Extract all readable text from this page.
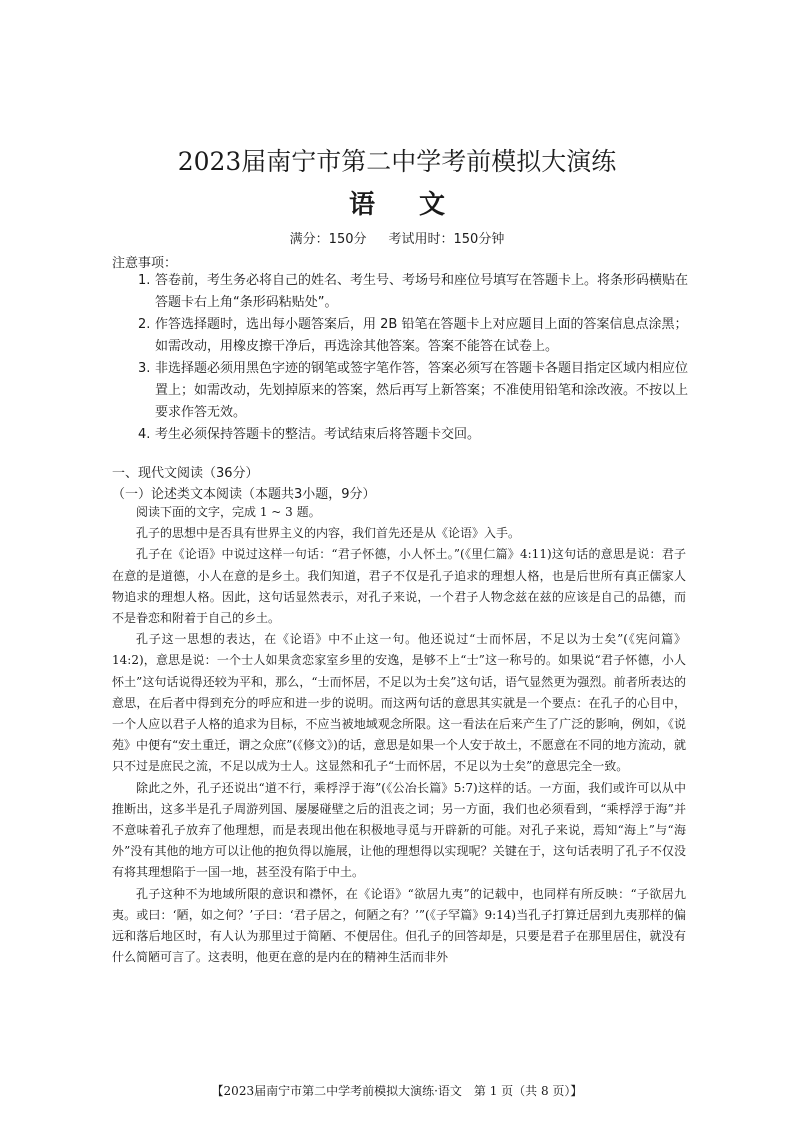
2023届南宁市第二中学考前模拟大演练
语文
满分：150分 考试用时：150分钟
注意事项：
1. 答卷前，考生务必将自己的姓名、考生号、考场号和座位号填写在答题卡上。将条形码横贴在答题卡右上角“条形码粘贴处”。
2. 作答选择题时，选出每小题答案后，用 2B 铅笔在答题卡上对应题目上面的答案信息点涂黑；如需改动，用橡皮擦干净后，再选涂其他答案。答案不能答在试卷上。
3. 非选择题必须用黑色字迹的钢笔或签字笔作答，答案必须写在答题卡各题目指定区域内相应位置上；如需改动，先划掉原来的答案，然后再写上新答案；不准使用铅笔和涂改液。不按以上要求作答无效。
4. 考生必须保持答题卡的整洁。考试结束后将答题卡交回。
一、现代文阅读（36分）
（一）论述类文本阅读（本题共3小题，9分）

阅读下面的文字，完成 1 ~ 3 题。

孔子的思想中是否具有世界主义的内容，我们首先还是从《论语》入手。

孔子在《论语》中说过这样一句话：“君子怀德，小人怀土。”(《里仁篇》4:11)这句话的意思是说：君子在意的是道德，小人在意的是乡土。我们知道，君子不仅是孔子追求的理想人格，也是后世所有真正儒家人物追求的理想人格。因此，这句话显然表示，对孔子来说，一个君子人物念兹在兹的应该是自己的品德，而不是眷恋和附着于自己的乡土。

孔子这一思想的表达，在《论语》中不止这一句。他还说过“士而怀居，不足以为士矣”(《宪问篇》14:2)，意思是说：一个士人如果贪恋家室乡里的安逸，是够不上“士”这一称号的。如果说“君子怀德，小人怀土”这句话说得还较为平和，那么，“士而怀居，不足以为士矣”这句话，语气显然更为强烈。前者所表达的意思，在后者中得到充分的呼应和进一步的说明。而这两句话的意思其实就是一个要点：在孔子的心目中，一个人应以君子人格的追求为目标，不应当被地域观念所限。这一看法在后来产生了广泛的影响，例如，《说苑》中便有“安土重迁，谓之众庶”(《修文》)的话，意思是如果一个人安于故土，不愿意在不同的地方流动，就只不过是庶民之流，不足以成为士人。这显然和孔子“士而怀居，不足以为士矣”的意思完全一致。

除此之外，孔子还说出“道不行，乘桴浮于海”(《公冶长篇》5:7)这样的话。一方面，我们或许可以从中推断出，这多半是孔子周游列国、屡屡碰壁之后的沮丧之词；另一方面，我们也必须看到，“乘桴浮于海”并不意味着孔子放弃了他理想，而是表现出他在积极地寻觅与开辟新的可能。对孔子来说，焉知“海上”与“海外”没有其他的地方可以让他的抱负得以施展，让他的理想得以实现呢？关键在于，这句话表明了孔子不仅没有将其理想陷于一国一地，甚至没有陷于中土。

孔子这种不为地域所限的意识和襟怀，在《论语》“欲居九夷”的记载中，也同样有所反映：“子欲居九夷。或曰：‘陋，如之何？’子曰：‘君子居之，何陋之有？’”(《子罕篇》9:14)当孔子打算迁居到九夷那样的偏远和落后地区时，有人认为那里过于简陋、不便居住。但孔子的回答却是，只要是君子在那里居住，就没有什么简陋可言了。这表明，他更在意的是内在的精神生活而非外

【2023届南宁市第二中学考前模拟大演练·语文　第 1 页（共 8 页）】
